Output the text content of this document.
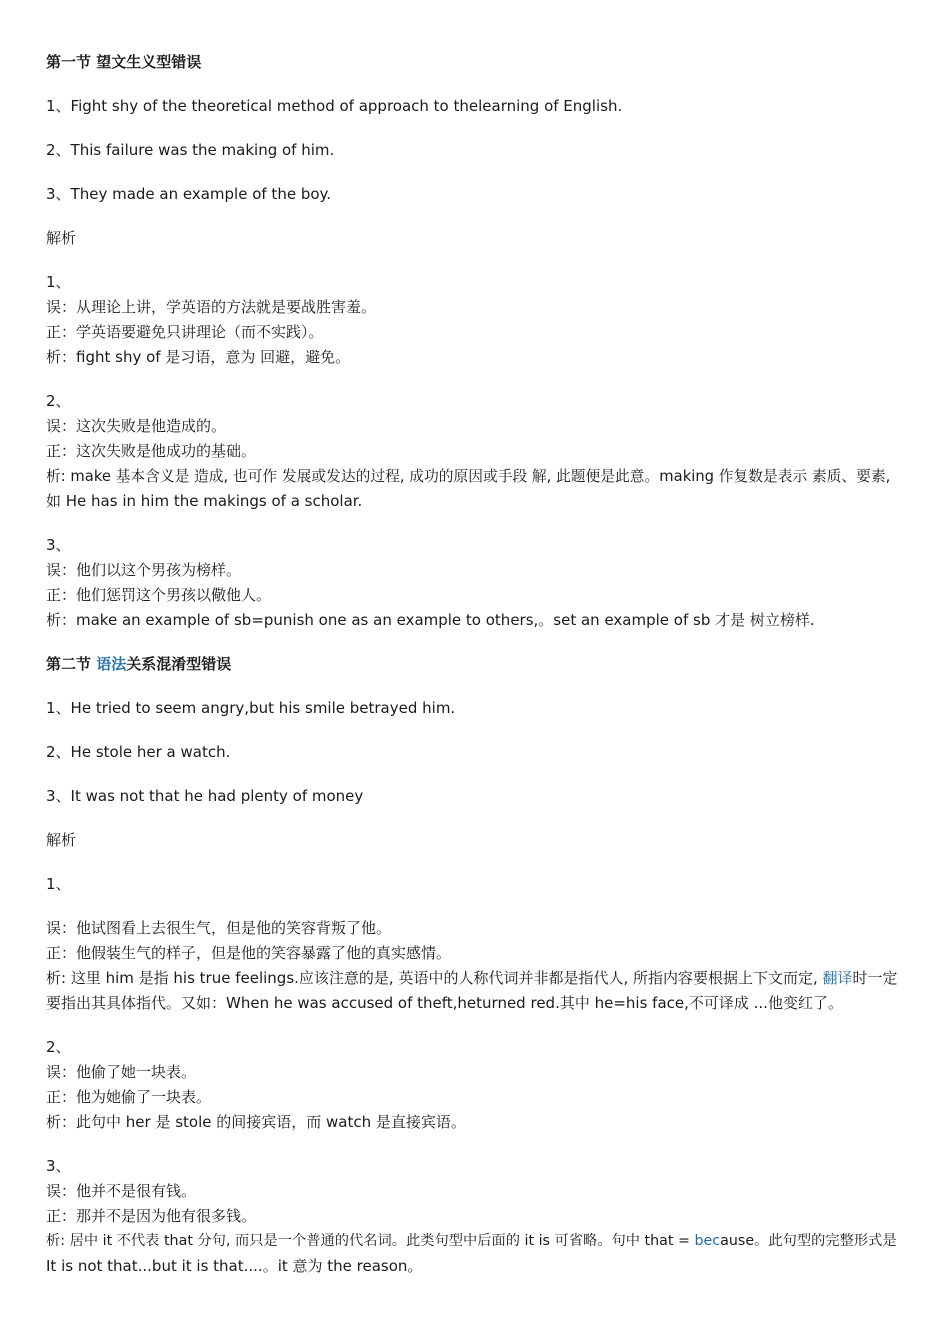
第一节 望文生义型错误

1、Fight shy of the theoretical method of approach to thelearning of English.

2、This failure was the making of him.

3、They made an example of the boy.

解析

1、

误：从理论上讲，学英语的方法就是要战胜害羞。

正：学英语要避免只讲理论（而不实践）。

析：fight shy of 是习语，意为 回避，避免。

2、

误：这次失败是他造成的。

正：这次失败是他成功的基础。

析: make 基本含义是 造成, 也可作 发展或发达的过程, 成功的原因或手段 解, 此题便是此意。making 作复数是表示 素质、要素,

如 He has in him the makings of a scholar.

3、

误：他们以这个男孩为榜样。

正：他们惩罚这个男孩以儆他人。

析：make an example of sb=punish one as an example to others,。set an example of sb 才是 树立榜样.

第二节 语法关系混淆型错误

1、He tried to seem angry,but his smile betrayed him.

2、He stole her a watch.

3、It was not that he had plenty of money

解析

1、

误：他试图看上去很生气，但是他的笑容背叛了他。

正：他假装生气的样子，但是他的笑容暴露了他的真实感情。

析: 这里 him 是指 his true feelings.应该注意的是, 英语中的人称代词并非都是指代人, 所指内容要根据上下文而定, 翻译时一定

要指出其具体指代。又如：When he was accused of theft,heturned red.其中 he=his face,不可译成 ...他变红了。

2、

误：他偷了她一块表。

正：他为她偷了一块表。

析：此句中 her 是 stole 的间接宾语，而 watch 是直接宾语。

3、

误：他并不是很有钱。

正：那并不是因为他有很多钱。

析: 居中 it 不代表 that 分句, 而只是一个普通的代名词。此类句型中后面的 it is 可省略。句中 that = because。此句型的完整形式是

It is not that...but it is that....。it 意为 the reason。
